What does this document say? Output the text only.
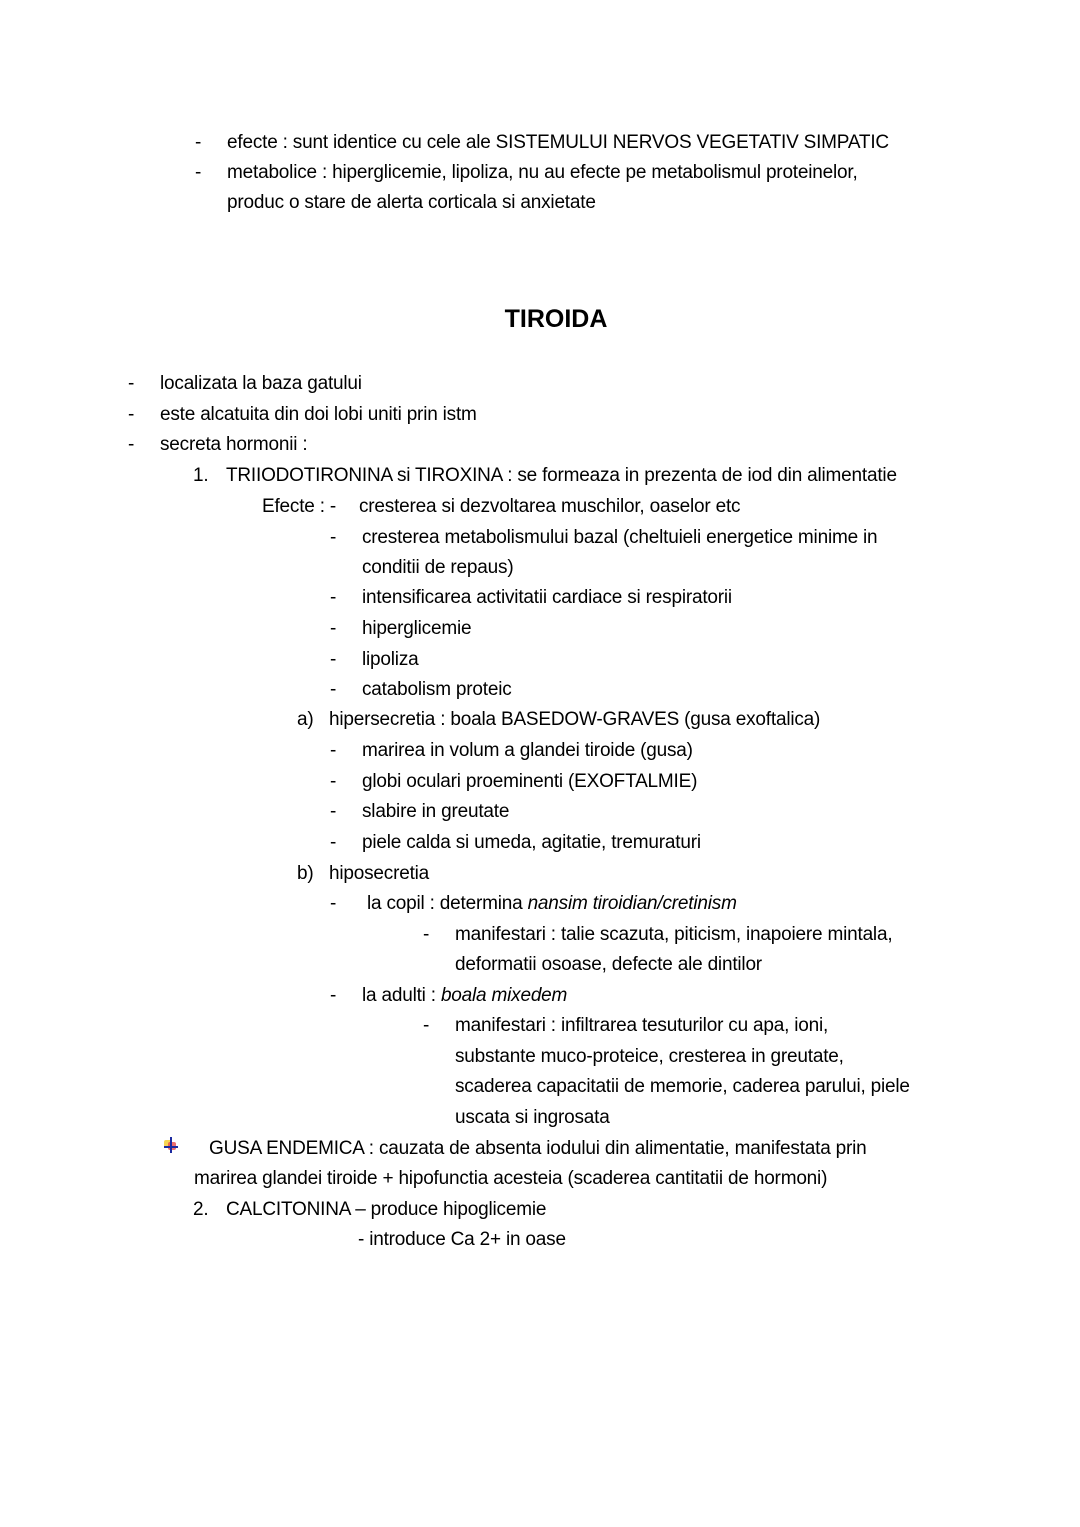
- efecte : sunt identice cu cele ale SISTEMULUI NERVOS VEGETATIV SIMPATIC
- metabolice : hiperglicemie, lipoliza, nu au efecte pe metabolismul proteinelor,
produc o stare de alerta corticala si anxietate
TIROIDA
- localizata la baza gatului
- este alcatuita din doi lobi uniti prin istm
- secreta hormonii :
1. TRIIODOTIRONINA si TIROXINA : se formeaza in prezenta de iod din alimentatie
Efecte : - cresterea si dezvoltarea muschilor, oaselor etc
- cresterea metabolismului bazal (cheltuieli energetice minime in
conditii de repaus)
- intensificarea activitatii cardiace si respiratorii
- hiperglicemie
- lipoliza
- catabolism proteic
a) hipersecretia : boala BASEDOW-GRAVES (gusa exoftalica)
- marirea in volum a glandei tiroide (gusa)
- globi oculari proeminenti (EXOFTALMIE)
- slabire in greutate
- piele calda si umeda, agitatie, tremuraturi
b) hiposecretia
- la copil : determina nansim tiroidian/cretinism
- manifestari : talie scazuta, piticism, inapoiere mintala,
deformatii osoase, defecte ale dintilor
- la adulti : boala mixedem
- manifestari : infiltrarea tesuturilor cu apa, ioni,
substante muco-proteice, cresterea in greutate,
scaderea capacitatii de memorie, caderea parului, piele
uscata si ingrosata
GUSA ENDEMICA : cauzata de absenta iodului din alimentatie, manifestata prin
marirea glandei tiroide + hipofunctia acesteia (scaderea cantitatii de hormoni)
2. CALCITONINA – produce hipoglicemie
- introduce Ca 2+ in oase
